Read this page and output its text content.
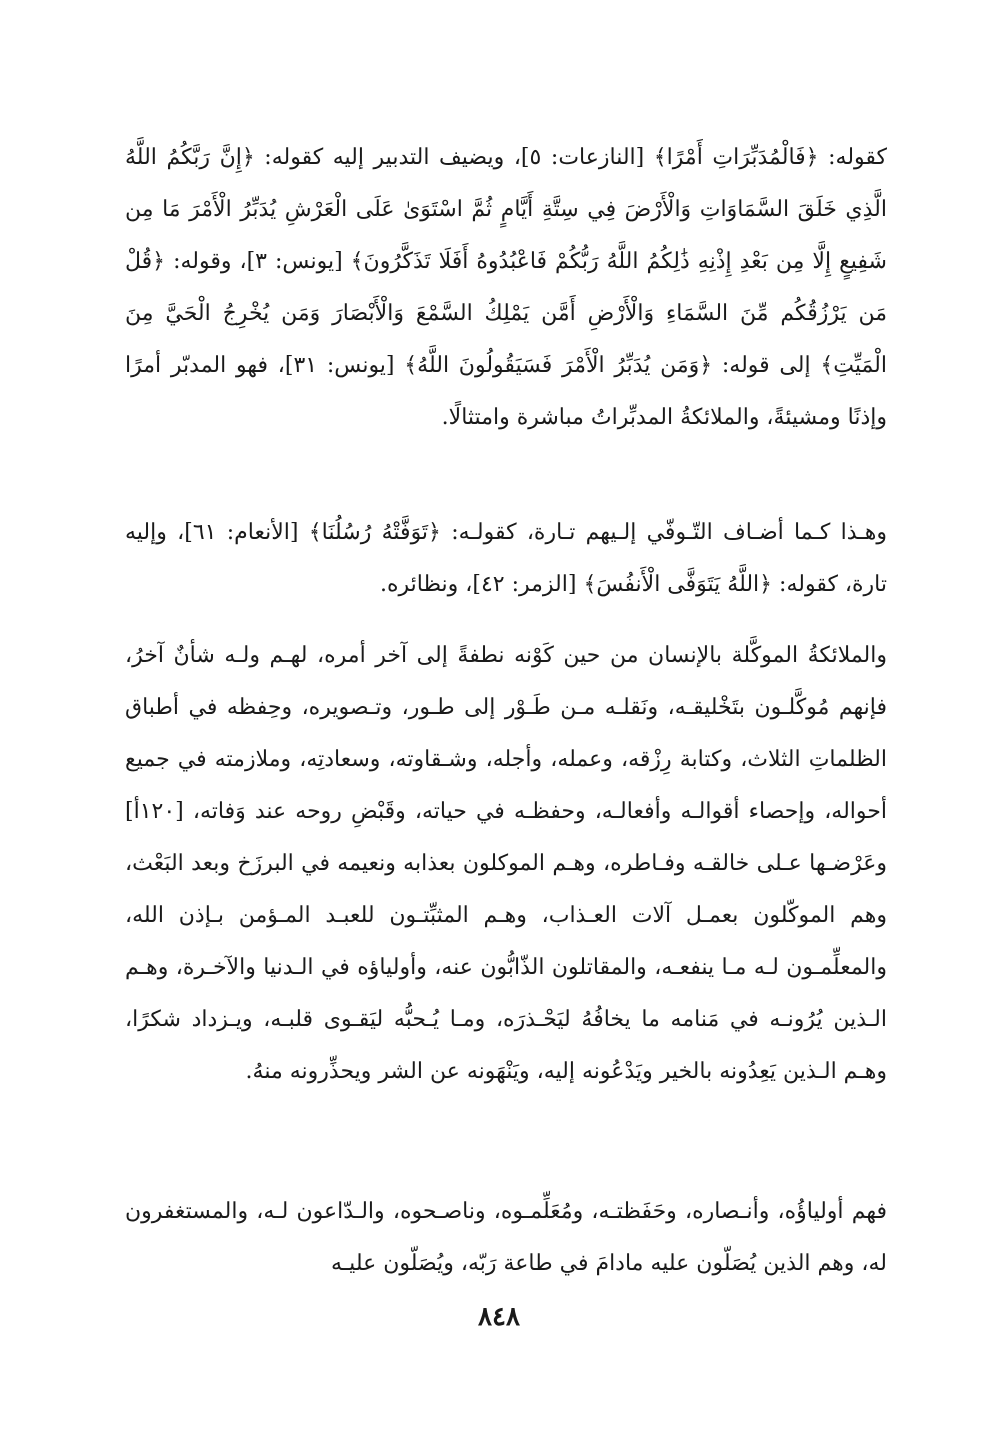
كقوله: ﴿فَالْمُدَبِّرَاتِ أَمْرًا﴾ [النازعات: ٥]، ويضيف التدبير إليه كقوله: ﴿إِنَّ رَبَّكُمُ اللَّهُ الَّذِي خَلَقَ السَّمَاوَاتِ وَالْأَرْضَ فِي سِتَّةِ أَيَّامٍ ثُمَّ اسْتَوَىٰ عَلَى الْعَرْشِ يُدَبِّرُ الْأَمْرَ مَا مِن شَفِيعٍ إِلَّا مِن بَعْدِ إِذْنِهِ ذَٰلِكُمُ اللَّهُ رَبُّكُمْ فَاعْبُدُوهُ أَفَلَا تَذَكَّرُونَ﴾ [يونس: ٣]، وقوله: ﴿قُلْ مَن يَرْزُقُكُم مِّنَ السَّمَاءِ وَالْأَرْضِ أَمَّن يَمْلِكُ السَّمْعَ وَالْأَبْصَارَ وَمَن يُخْرِجُ الْحَيَّ مِنَ الْمَيِّتِ﴾ إلى قوله: ﴿وَمَن يُدَبِّرُ الْأَمْرَ فَسَيَقُولُونَ اللَّهُ﴾ [يونس: ٣١]، فهو المدبّر أمرًا وإذنًا ومشيئةً، والملائكةُ المدبِّراتُ مباشرة وامتثالًا.

وهـذا كـما أضـاف التّـوفّي إلـيهم تـارة، كقولـه: ﴿تَوَفَّتْهُ رُسُلُنَا﴾ [الأنعام: ٦١]، وإليه تارة، كقوله: ﴿اللَّهُ يَتَوَفَّى الْأَنفُسَ﴾ [الزمر: ٤٢]، ونظائره.

والملائكةُ الموكَّلة بالإنسان من حين كَوْنه نطفةً إلى آخر أمره، لهـم ولـه شأنٌ آخرُ، فإنهم مُوكَّلـون بتَخْليقـه، ونَقلـه مـن طَـوْر إلى طـور، وتـصويره، وحِفظه في أطباق الظلماتِ الثلاث، وكتابة رِزْقه، وعمله، وأجله، وشـقاوته، وسعادتِه، وملازمته في جميع أحواله، وإحصاء أقوالـه وأفعالـه، وحفظـه في حياته، وقَبْضِ روحه عند وَفاته، [١٢٠أ] وعَرْضـها عـلى خالقـه وفـاطره، وهـم الموكلون بعذابه ونعيمه في البرزَخ وبعد البَعْث، وهم الموكّلون بعمـل آلات العـذاب، وهـم المثبِّتـون للعبـد المـؤمن بـإذن الله، والمعلِّمـون لـه مـا ينفعـه، والمقاتلون الذّابُّون عنه، وأولياؤه في الـدنيا والآخـرة، وهـم الـذين يُرُونـه في مَنامه ما يخافُهُ ليَحْـذرَه، ومـا يُـحبُّه ليَقـوى قلبـه، ويـزداد شكرًا، وهـم الـذين يَعِدُونه بالخير ويَدْعُونه إليه، ويَنْهَونه عن الشر ويحذِّرونه منهُ.

فهم أولياؤُه، وأنـصاره، وحَفَظتـه، ومُعَلِّمـوه، وناصـحوه، والـدّاعون لـه، والمستغفرون له، وهم الذين يُصَلّون عليه مادامَ في طاعة رَبّه، ويُصَلّون عليـه

٨٤٨
